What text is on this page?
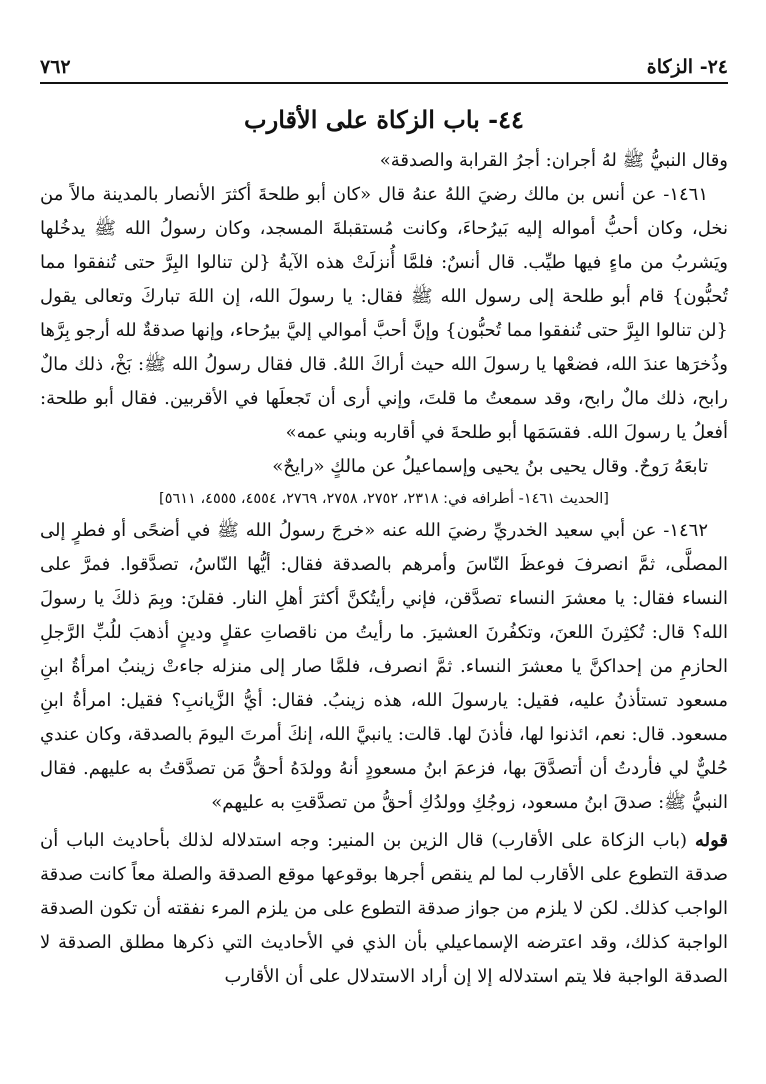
٧٦٢	٢٤- الزكاة
٤٤- باب الزكاة على الأقارب

وقال النبيُّ ﷺ لهُ أجران: أجرُ القرابة والصدقة»

١٤٦١- عن أنس بن مالك رضيَ اللهُ عنهُ قال «كان أبو طلحةَ أكثرَ الأنصار بالمدينة مالاً من نخل، وكان أحبُّ أمواله إليه بَيرُحاءَ، وكانت مُستقبلةَ المسجد، وكان رسولُ الله ﷺ يدخُلها ويَشربُ من ماءٍ فيها طيِّب. قال أنسٌ: فلمَّا أُنزلَتْ هذه الآيةُ {لن تنالوا البِرَّ حتى تُنفقوا مما تُحبُّون} قام أبو طلحة إلى رسول الله ﷺ فقال: يا رسولَ الله، إن اللهَ تباركَ وتعالى يقول {لن تنالوا البِرَّ حتى تُنفقوا مما تُحبُّون} وإنَّ أحبَّ أموالي إليَّ بيرُحاء، وإنها صدقةٌ لله أرجو بِرَّها وذُخرَها عندَ الله، فضعْها يا رسولَ الله حيث أراكَ اللهُ. قال فقال رسولُ الله ﷺ: بَخْ، ذلك مالٌ رابح، ذلك مالٌ رابح، وقد سمعتُ ما قلتَ، وإني أرى أن تَجعلَها في الأقربين. فقال أبو طلحة: أفعلُ يا رسولَ الله. فقسَمَها أبو طلحةَ في أقاربه وبني عمه»

تابعَهُ رَوحٌ. وقال يحيى بنُ يحيى وإسماعيلُ عن مالكٍ «رايحٌ»

[الحديث ١٤٦١- أطرافه في: ٢٣١٨، ٢٧٥٢، ٢٧٥٨، ٢٧٦٩، ٤٥٥٤، ٤٥٥٥، ٥٦١١]

١٤٦٢- عن أبي سعيد الخدريِّ رضيَ الله عنه «خرجَ رسولُ الله ﷺ في أضحًى أو فطرٍ إلى المصلَّى، ثمَّ انصرفَ فوعظَ النّاسَ وأمرهم بالصدقة فقال: أيُّها النّاسُ، تصدَّقوا. فمرَّ على النساء فقال: يا معشرَ النساء تصدَّقن، فإني رأيتُكنَّ أكثرَ أهلِ النار. فقلنَ: وبِمَ ذلكَ يا رسولَ الله؟ قال: تُكثِرنَ اللعنَ، وتكفُرنَ العشيرَ. ما رأيتُ من ناقصاتِ عقلٍ ودينٍ أذهبَ للُبِّ الرَّجلِ الحازمِ من إحداكنَّ يا معشرَ النساء. ثمَّ انصرف، فلمَّا صار إلى منزله جاءتْ زينبُ امرأةُ ابنِ مسعود تستأذنُ عليه، فقيل: يارسولَ الله، هذه زينبُ. فقال: أيُّ الزَّيانبِ؟ فقيل: امرأةُ ابنِ مسعود. قال: نعم، ائذنوا لها، فأذنَ لها. قالت: يانبيَّ الله، إنكَ أمرتَ اليومَ بالصدقة، وكان عندي حُليٌّ لي فأردتُ أن أتصدَّقَ بها، فزعمَ ابنُ مسعودٍ أنهُ وولدَهُ أحقُّ مَن تصدَّقتُ به عليهم. فقال النبيُّ ﷺ: صدقَ ابنُ مسعود، زوجُكِ وولدُكِ أحقُّ من تصدَّقتِ به عليهم»

قوله (باب الزكاة على الأقارب) قال الزين بن المنير: وجه استدلاله لذلك بأحاديث الباب أن صدقة التطوع على الأقارب لما لم ينقص أجرها بوقوعها موقع الصدقة والصلة معاً كانت صدقة الواجب كذلك. لكن لا يلزم من جواز صدقة التطوع على من يلزم المرء نفقته أن تكون الصدقة الواجبة كذلك، وقد اعترضه الإسماعيلي بأن الذي في الأحاديث التي ذكرها مطلق الصدقة لا الصدقة الواجبة فلا يتم استدلاله إلا إن أراد الاستدلال على أن الأقارب
